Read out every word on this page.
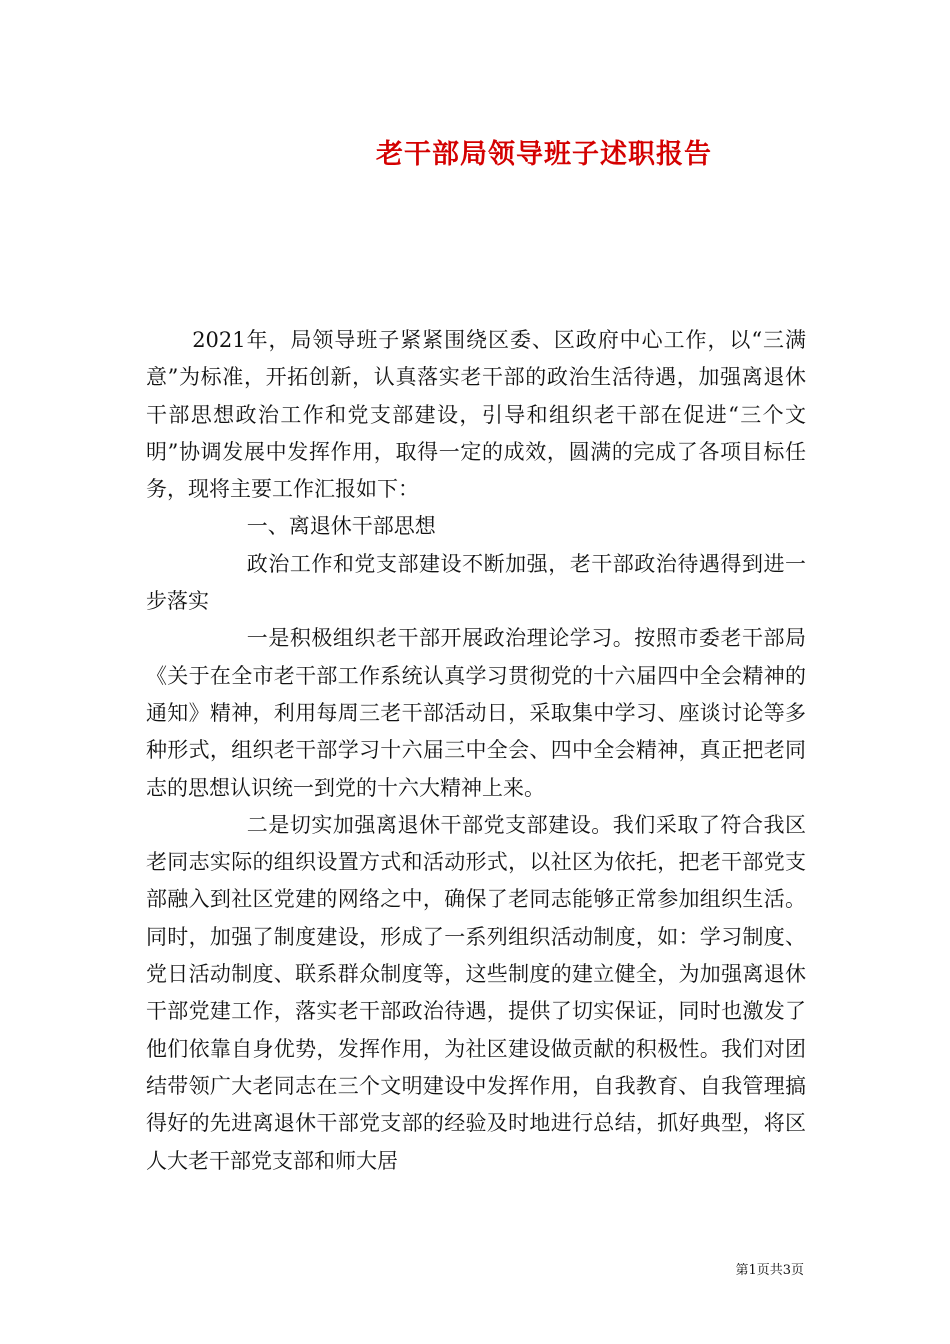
老干部局领导班子述职报告

2021年，局领导班子紧紧围绕区委、区政府中心工作，以“三满意”为标准，开拓创新，认真落实老干部的政治生活待遇，加强离退休干部思想政治工作和党支部建设，引导和组织老干部在促进“三个文明”协调发展中发挥作用，取得一定的成效，圆满的完成了各项目标任务，现将主要工作汇报如下：

一、离退休干部思想

政治工作和党支部建设不断加强，老干部政治待遇得到进一步落实

一是积极组织老干部开展政治理论学习。按照市委老干部局《关于在全市老干部工作系统认真学习贯彻党的十六届四中全会精神的通知》精神，利用每周三老干部活动日，采取集中学习、座谈讨论等多种形式，组织老干部学习十六届三中全会、四中全会精神，真正把老同志的思想认识统一到党的十六大精神上来。

二是切实加强离退休干部党支部建设。我们采取了符合我区老同志实际的组织设置方式和活动形式，以社区为依托，把老干部党支部融入到社区党建的网络之中，确保了老同志能够正常参加组织生活。同时，加强了制度建设，形成了一系列组织活动制度，如：学习制度、党日活动制度、联系群众制度等，这些制度的建立健全，为加强离退休干部党建工作，落实老干部政治待遇，提供了切实保证，同时也激发了他们依靠自身优势，发挥作用，为社区建设做贡献的积极性。我们对团结带领广大老同志在三个文明建设中发挥作用，自我教育、自我管理搞得好的先进离退休干部党支部的经验及时地进行总结，抓好典型，将区人大老干部党支部和师大居

第1页共3页
